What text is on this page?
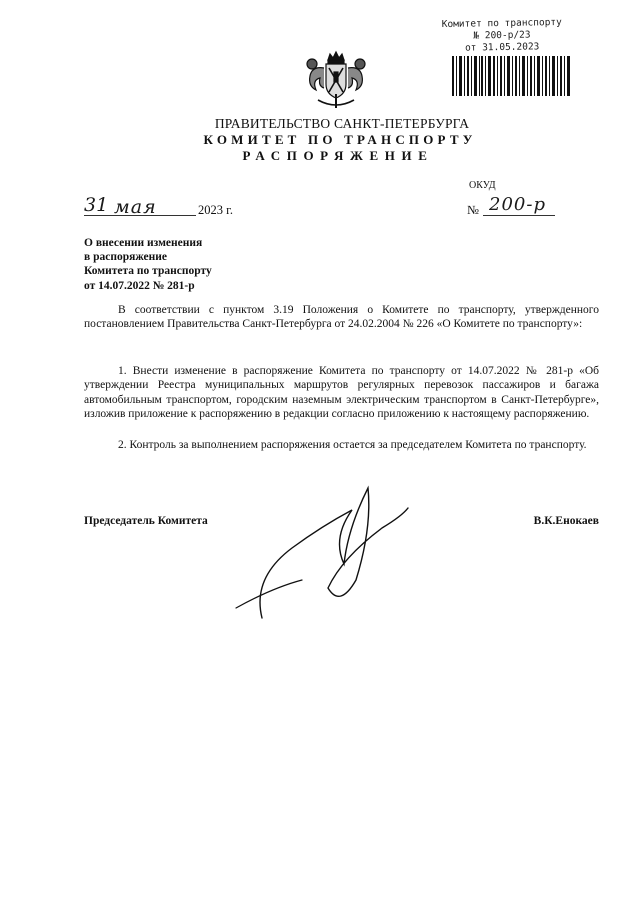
Комитет по транспорту
№ 200-р/23
от 31.05.2023
ПРАВИТЕЛЬСТВО САНКТ-ПЕТЕРБУРГА
КОМИТЕТ ПО ТРАНСПОРТУ
РАСПОРЯЖЕНИЕ
ОКУД
31 мая	2023 г.	№ 200-р
О внесении изменения
в распоряжение
Комитета по транспорту
от 14.07.2022 № 281-р

В соответствии с пунктом 3.19 Положения о Комитете по транспорту, утвержденного постановлением Правительства Санкт-Петербурга от 24.02.2004 № 226 «О Комитете по транспорту»:

1. Внести изменение в распоряжение Комитета по транспорту от 14.07.2022 № 281-р «Об утверждении Реестра муниципальных маршрутов регулярных перевозок пассажиров и багажа автомобильным транспортом, городским наземным электрическим транспортом в Санкт-Петербурге», изложив приложение к распоряжению в редакции согласно приложению к настоящему распоряжению.

2. Контроль за выполнением распоряжения остается за председателем Комитета по транспорту.

Председатель Комитета	В.К.Енокаев
